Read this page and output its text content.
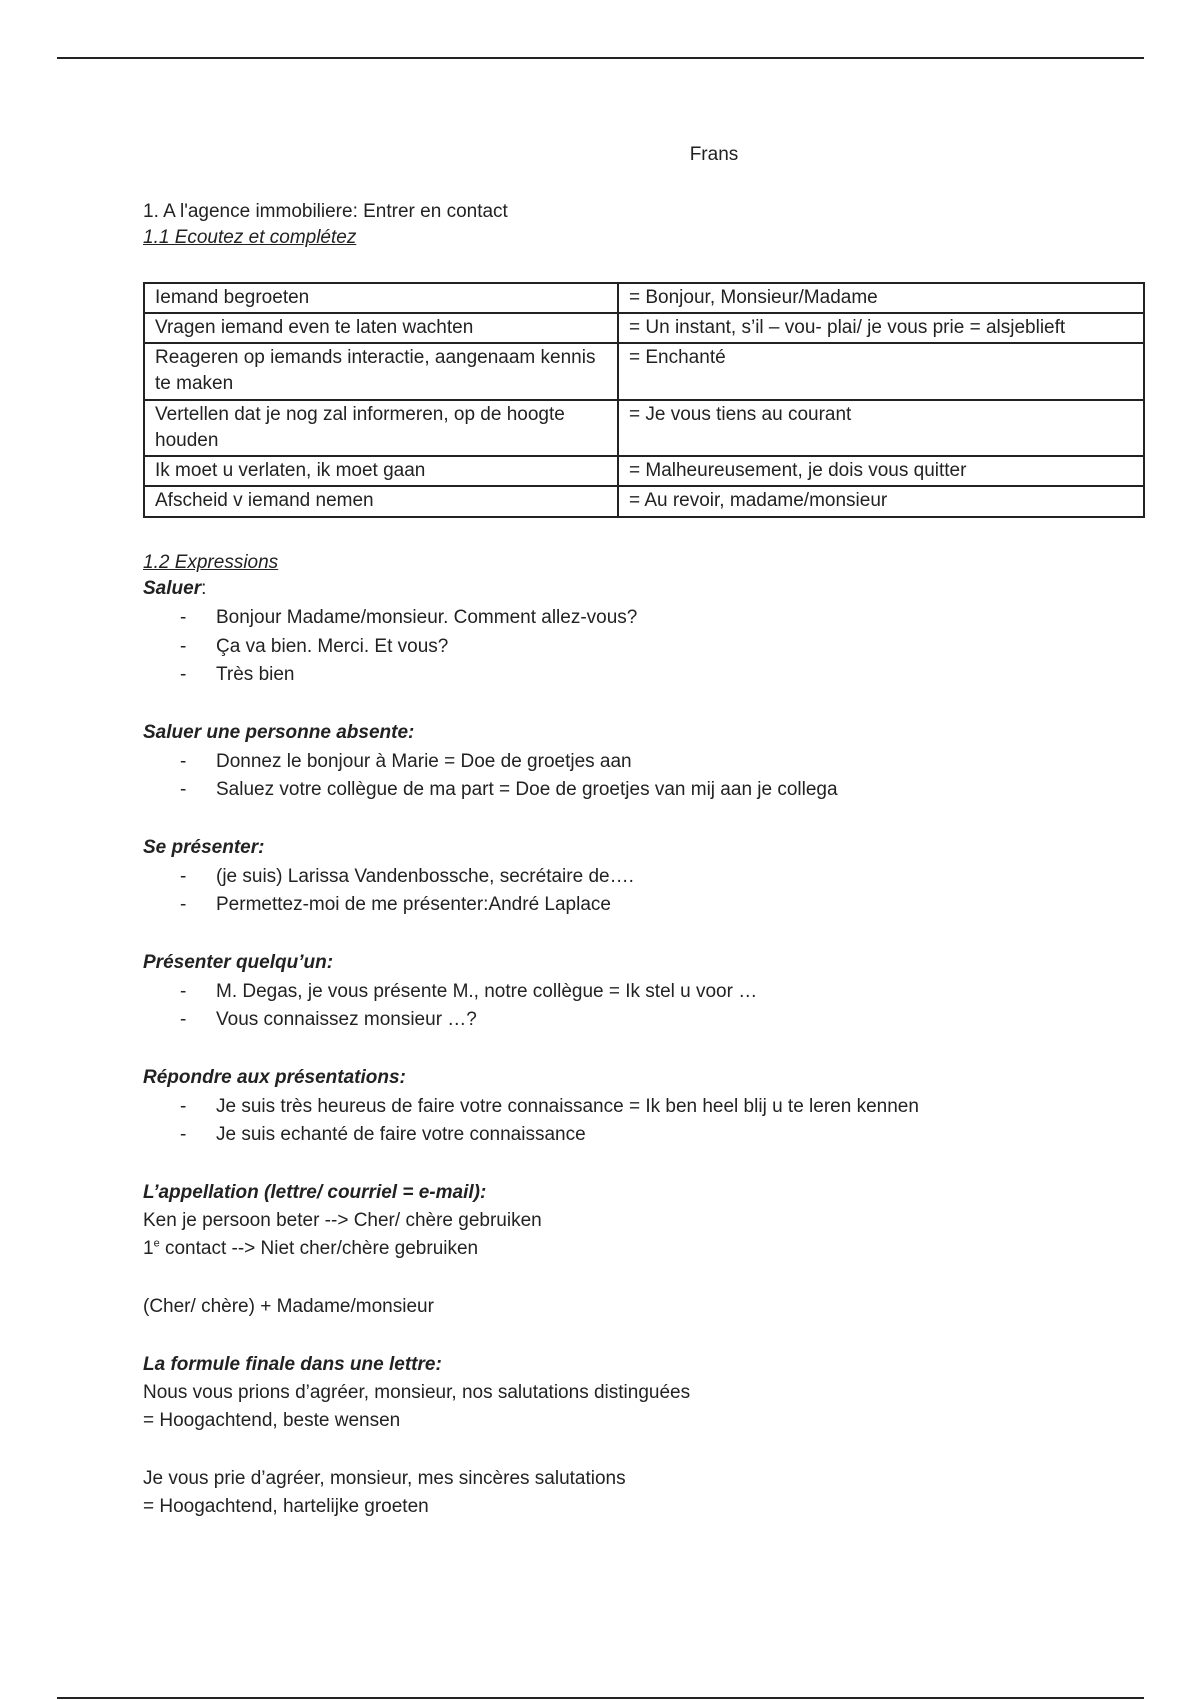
Frans

1. A l'agence immobiliere: Entrer en contact

1.1 Ecoutez et complétez

Iemand begroeten	= Bonjour, Monsieur/Madame
Vragen iemand even te laten wachten	= Un instant, s’il – vou- plai/ je vous prie = alsjeblieft
Reageren op iemands interactie, aangenaam kennis te maken	= Enchanté
Vertellen dat je nog zal informeren, op de hoogte houden	= Je vous tiens au courant
Ik moet u verlaten, ik moet gaan	= Malheureusement, je dois vous quitter
Afscheid v iemand nemen	= Au revoir, madame/monsieur

1.2 Expressions

Saluer:

- Bonjour Madame/monsieur. Comment allez-vous?
- Ça va bien. Merci. Et vous?
- Très bien

Saluer une personne absente:

- Donnez le bonjour à Marie = Doe de groetjes aan
- Saluez votre collègue de ma part = Doe de groetjes van mij aan je collega

Se présenter:

- (je suis) Larissa Vandenbossche, secrétaire de….
- Permettez-moi de me présenter:André Laplace

Présenter quelqu’un:

- M. Degas, je vous présente M., notre collègue = Ik stel u voor …
- Vous connaissez monsieur …?

Répondre aux présentations:

- Je suis très heureus de faire votre connaissance = Ik ben heel blij u te leren kennen
- Je suis echanté de faire votre connaissance

L’appellation (lettre/ courriel = e-mail):

Ken je persoon beter --> Cher/ chère gebruiken

1e contact --> Niet cher/chère gebruiken

(Cher/ chère) + Madame/monsieur

La formule finale dans une lettre:

Nous vous prions d’agréer, monsieur, nos salutations distinguées

= Hoogachtend, beste wensen

Je vous prie d’agréer, monsieur, mes sincères salutations

= Hoogachtend, hartelijke groeten
